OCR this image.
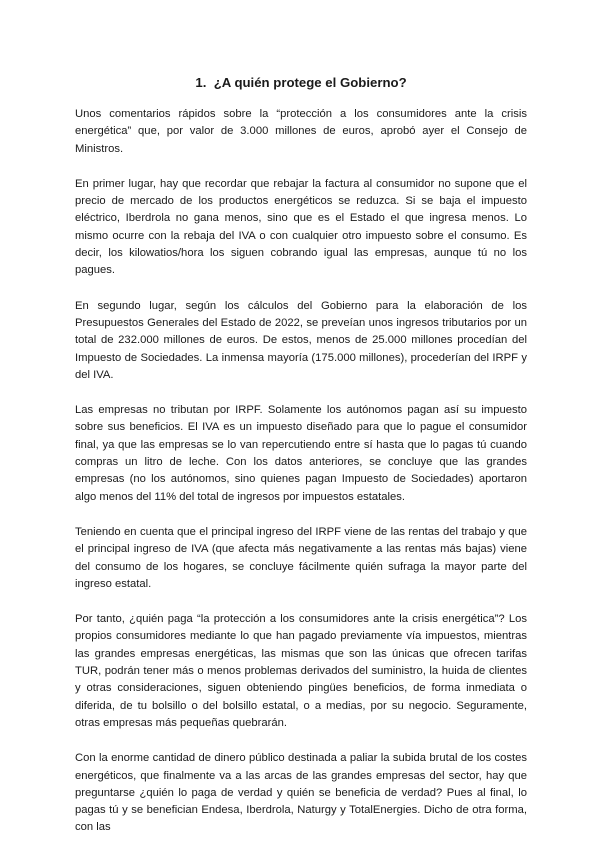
1. ¿A quién protege el Gobierno?

Unos comentarios rápidos sobre la “protección a los consumidores ante la crisis energética” que, por valor de 3.000 millones de euros, aprobó ayer el Consejo de Ministros.

En primer lugar, hay que recordar que rebajar la factura al consumidor no supone que el precio de mercado de los productos energéticos se reduzca. Si se baja el impuesto eléctrico, Iberdrola no gana menos, sino que es el Estado el que ingresa menos. Lo mismo ocurre con la rebaja del IVA o con cualquier otro impuesto sobre el consumo. Es decir, los kilowatios/hora los siguen cobrando igual las empresas, aunque tú no los pagues.

En segundo lugar, según los cálculos del Gobierno para la elaboración de los Presupuestos Generales del Estado de 2022, se preveían unos ingresos tributarios por un total de 232.000 millones de euros. De estos, menos de 25.000 millones procedían del Impuesto de Sociedades. La inmensa mayoría (175.000 millones), procederían del IRPF y del IVA.

Las empresas no tributan por IRPF. Solamente los autónomos pagan así su impuesto sobre sus beneficios. El IVA es un impuesto diseñado para que lo pague el consumidor final, ya que las empresas se lo van repercutiendo entre sí hasta que lo pagas tú cuando compras un litro de leche. Con los datos anteriores, se concluye que las grandes empresas (no los autónomos, sino quienes pagan Impuesto de Sociedades) aportaron algo menos del 11% del total de ingresos por impuestos estatales.

Teniendo en cuenta que el principal ingreso del IRPF viene de las rentas del trabajo y que el principal ingreso de IVA (que afecta más negativamente a las rentas más bajas) viene del consumo de los hogares, se concluye fácilmente quién sufraga la mayor parte del ingreso estatal.

Por tanto, ¿quién paga “la protección a los consumidores ante la crisis energética”? Los propios consumidores mediante lo que han pagado previamente vía impuestos, mientras las grandes empresas energéticas, las mismas que son las únicas que ofrecen tarifas TUR, podrán tener más o menos problemas derivados del suministro, la huida de clientes y otras consideraciones, siguen obteniendo pingües beneficios, de forma inmediata o diferida, de tu bolsillo o del bolsillo estatal, o a medias, por su negocio. Seguramente, otras empresas más pequeñas quebrarán.

Con la enorme cantidad de dinero público destinada a paliar la subida brutal de los costes energéticos, que finalmente va a las arcas de las grandes empresas del sector, hay que preguntarse ¿quién lo paga de verdad y quién se beneficia de verdad? Pues al final, lo pagas tú y se benefician Endesa, Iberdrola, Naturgy y TotalEnergies. Dicho de otra forma, con las
